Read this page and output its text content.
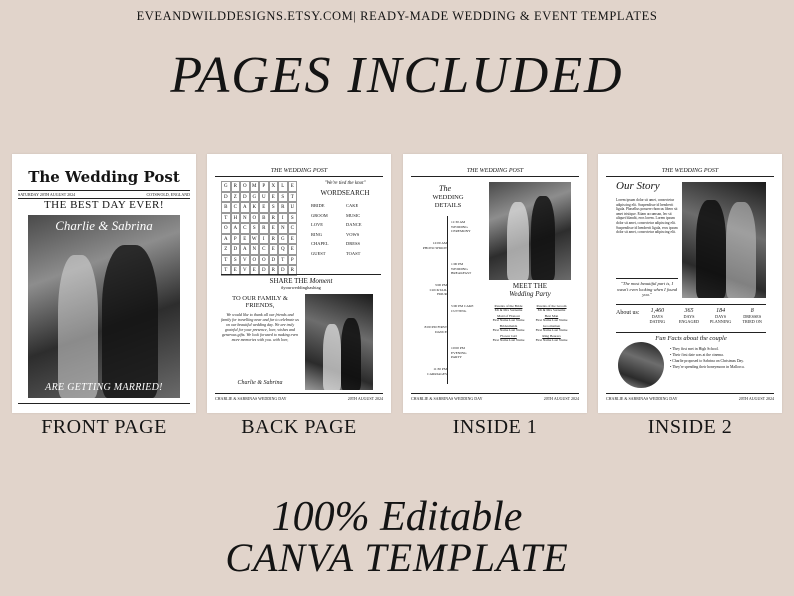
EVEANDWILDDESIGNS.ETSY.COM| READY-MADE WEDDING & EVENT TEMPLATES
PAGES INCLUDED
The Wedding Post
SATURDAY 20TH AUGUST 2024	COTSWOLD, ENGLAND
THE BEST DAY EVER!
Charlie & Sabrina
ARE GETTING MARRIED!
FRONT PAGE
THE WEDDING POST
G	R	O	M	P	X	L	E
D	Z	D	G	U	E	S	T
B	C	A	K	E	S	R	U
T	H	N	O	B	R	I	S
O	A	C	S	R	E	N	C
A	P	E	W	I	R	G	E
Z	D	A	N	C	E	Q	E
T	S	V	O	O	D	T	P
T	E	V	E	D	R	D	R
"We're tied the knot"
WORDSEARCH
BRIDE	CAKE
GROOM	MUSIC
LOVE	DANCE
RING	VOWS
CHAPEL	DRESS
GUEST	TOAST
SHARE THE Moment
#yourweddinghashtag
TO OUR FAMILY & FRIENDS,
We would like to thank all our friends and family for travelling near and far to celebrate us on our beautiful wedding day. We are truly grateful for your presence, love, wishes and generous gifts. We look forward to making even more memories with you. with love,
Charlie & Sabrina
CHARLIE & SABRINAS WEDDING DAY	20TH AUGUST 2024
BACK PAGE
THE WEDDING POST
The
WEDDING DETAILS
11:30 AM WEDDING CEREMONY
12:00 AM PHOTO SHOOT
1:00 PM WEDDING BREAKFAST
3:00 PM COCKTAIL HOUR
5:00 PM CAKE CUTTING
8:00 PM FIRST DANCE
10:00 PM EVENING PARTY
11:30 PM CARRIAGES
MEET THE
Wedding Party
Parents of the Bride
Mr & Mrs Surname
Parents of the Groom
Mr & Mrs Surname
Maid of Honour
First Name Last Name
Best Man
First Name Last Name
Bridesmaids
First Name Last Name
Groomsmen
First Name Last Name
Flower Girl
First Name Last Name
Ring Bearers
First Name Last Name
CHARLIE & SABRINAS WEDDING DAY	20TH AUGUST 2024
INSIDE 1
THE WEDDING POST
Our Story
Lorem ipsum dolor sit amet, consectetur adipiscing elit. Suspendisse id hendrerit ligula. Phasellus posuere rhoncus libero sit amet tristique. Etiam accumsan, leo sit aliquet blandit, eros lorem. Lorem ipsum dolor sit amet, consectetur adipiscing elit. Suspendisse id hendrerit ligula, eros ipsum dolor sit amet, consectetur adipiscing elit.
"The most beautiful part is, I wasn't even looking when I found you."
About us:	1,460
DAYS DATING
365
DAYS ENGAGED
184
DAYS PLANNING
8
DRESSES TRIED ON
Fun Facts about the couple
• They first met in High School.
• Their first date was at the cinema.
• Charlie proposed to Sabrina on Christmas Day.
• They're spending their honeymoon in Mallorca.
CHARLIE & SABRINAS WEDDING DAY	20TH AUGUST 2024
INSIDE 2
100% Editable
CANVA TEMPLATE
